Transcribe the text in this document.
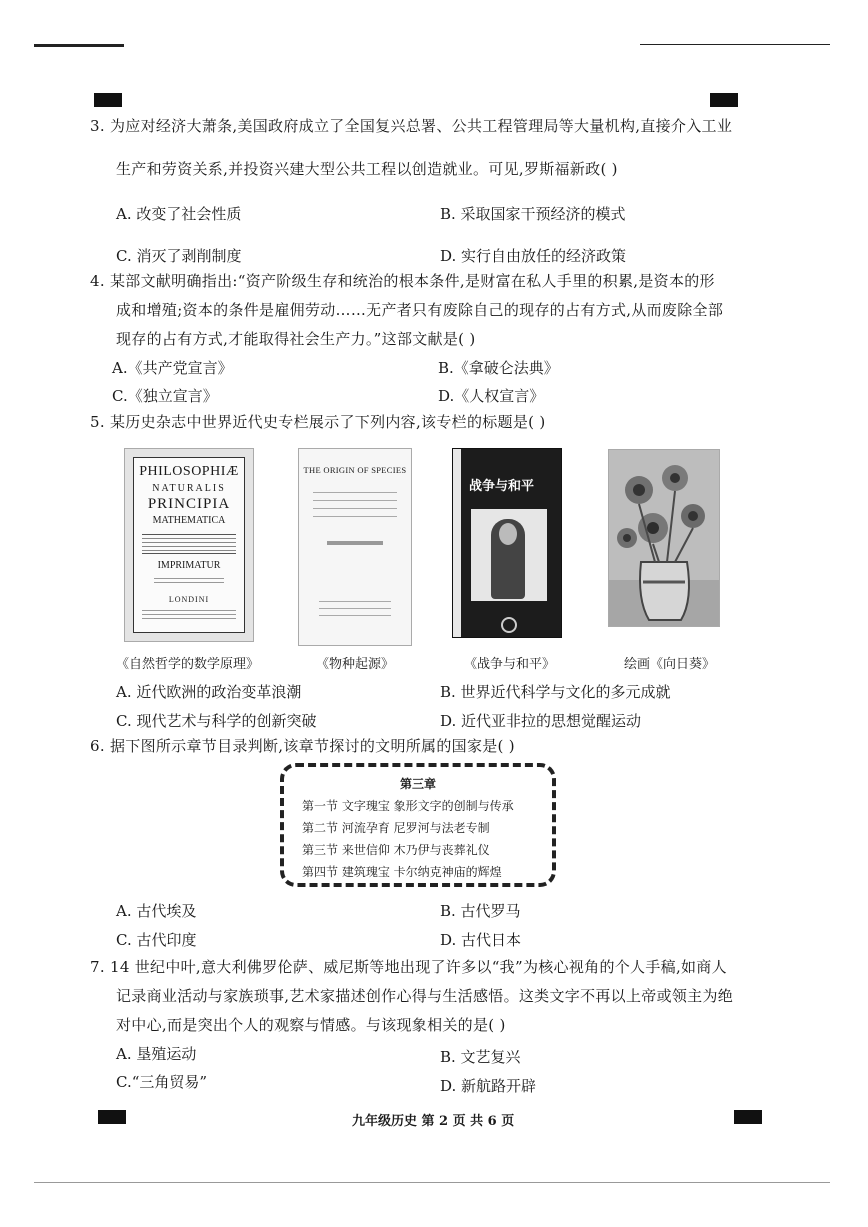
3. 为应对经济大萧条,美国政府成立了全国复兴总署、公共工程管理局等大量机构,直接介入工业
生产和劳资关系,并投资兴建大型公共工程以创造就业。可见,罗斯福新政( )
A. 改变了社会性质	B. 采取国家干预经济的模式
C. 消灭了剥削制度	D. 实行自由放任的经济政策
4. 某部文献明确指出:“资产阶级生存和统治的根本条件,是财富在私人手里的积累,是资本的形
成和增殖;资本的条件是雇佣劳动……无产者只有废除自己的现存的占有方式,从而废除全部
现存的占有方式,才能取得社会生产力。”这部文献是( )
A.《共产党宣言》	B.《拿破仑法典》
C.《独立宣言》	D.《人权宣言》
5. 某历史杂志中世界近代史专栏展示了下列内容,该专栏的标题是( )
PHILOSOPHIÆ
NATURALIS
PRINCIPIA
MATHEMATICA
IMPRIMATUR
LONDINI
THE ORIGIN OF SPECIES
战争与和平
《自然哲学的数学原理》	《物种起源》	《战争与和平》	绘画《向日葵》
A. 近代欧洲的政治变革浪潮	B. 世界近代科学与文化的多元成就
C. 现代艺术与科学的创新突破	D. 近代亚非拉的思想觉醒运动
6. 据下图所示章节目录判断,该章节探讨的文明所属的国家是( )
第三章
第一节 文字瑰宝 象形文字的创制与传承
第二节 河流孕育 尼罗河与法老专制
第三节 来世信仰 木乃伊与丧葬礼仪
第四节 建筑瑰宝 卡尔纳克神庙的辉煌
A. 古代埃及	B. 古代罗马
C. 古代印度	D. 古代日本
7. 14 世纪中叶,意大利佛罗伦萨、威尼斯等地出现了许多以“我”为核心视角的个人手稿,如商人
记录商业活动与家族琐事,艺术家描述创作心得与生活感悟。这类文字不再以上帝或领主为绝
对中心,而是突出个人的观察与情感。与该现象相关的是( )
A. 垦殖运动	B. 文艺复兴
C.“三角贸易”	D. 新航路开辟
九年级历史 第 2 页 共 6 页
